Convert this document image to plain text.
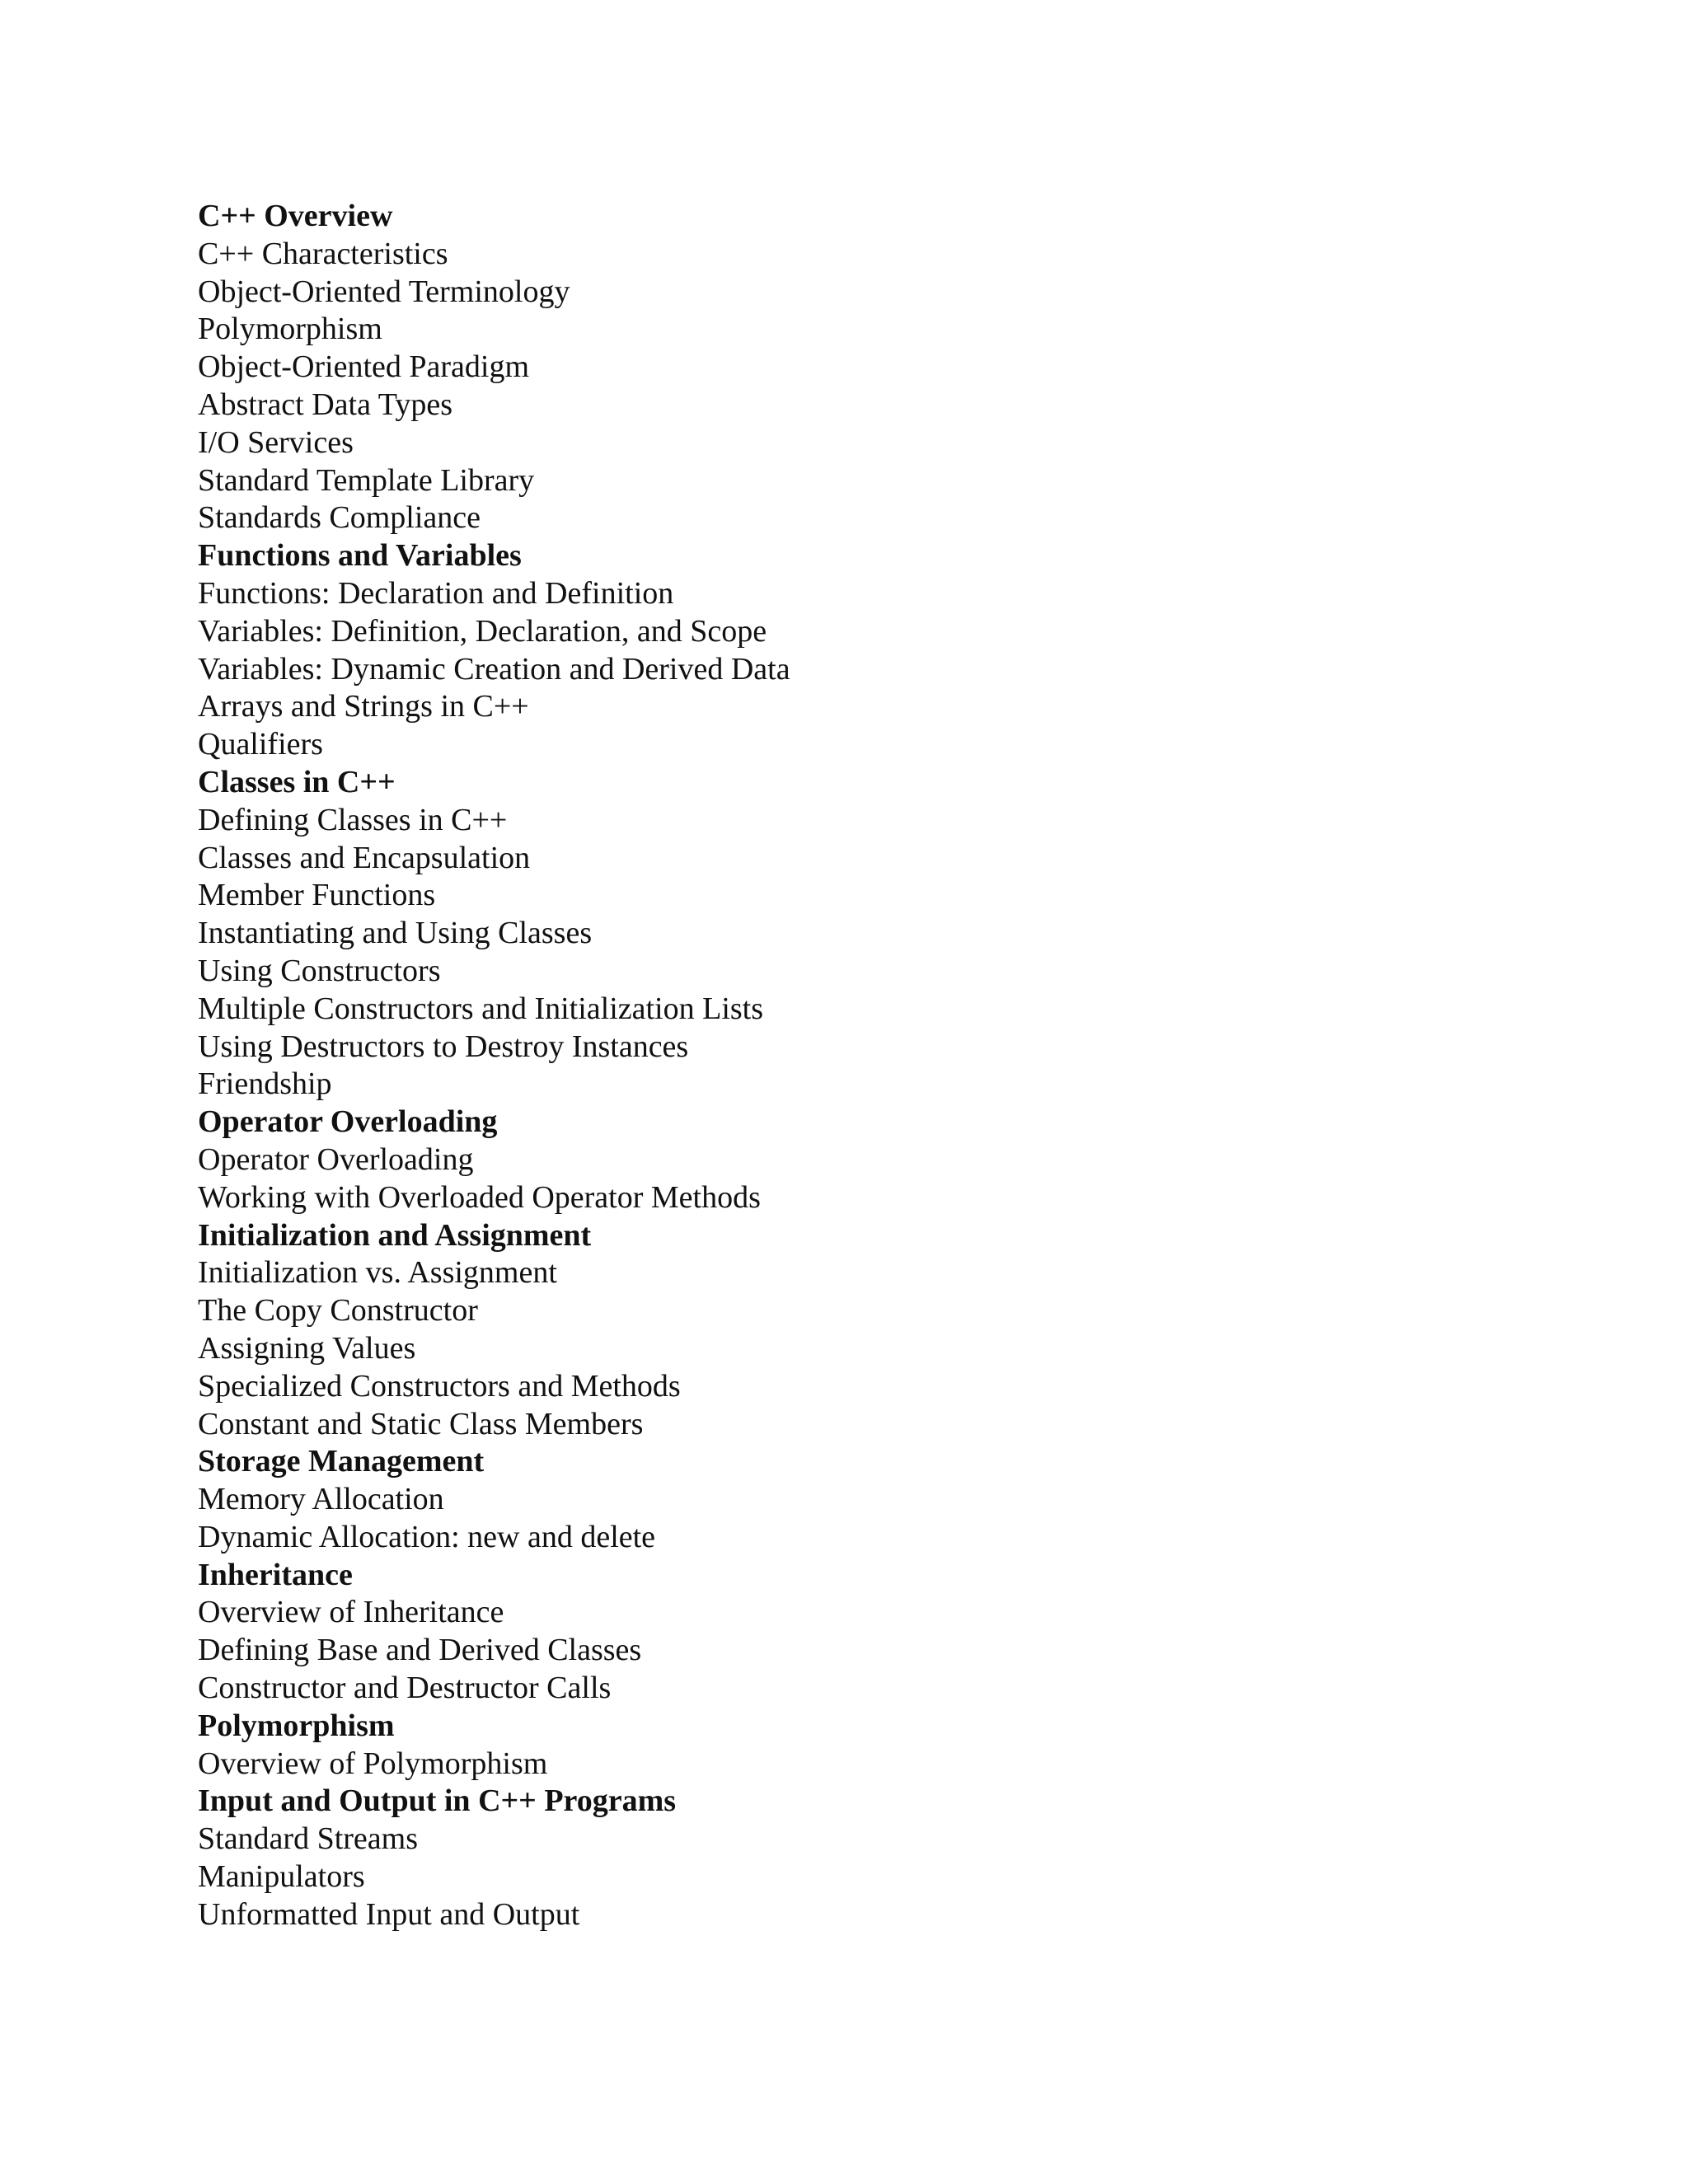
C++ Overview
C++ Characteristics
Object-Oriented Terminology
Polymorphism
Object-Oriented Paradigm
Abstract Data Types
I/O Services
Standard Template Library
Standards Compliance
Functions and Variables
Functions: Declaration and Definition
Variables: Definition, Declaration, and Scope
Variables: Dynamic Creation and Derived Data
Arrays and Strings in C++
Qualifiers
Classes in C++
Defining Classes in C++
Classes and Encapsulation
Member Functions
Instantiating and Using Classes
Using Constructors
Multiple Constructors and Initialization Lists
Using Destructors to Destroy Instances
Friendship
Operator Overloading
Operator Overloading
Working with Overloaded Operator Methods
Initialization and Assignment
Initialization vs. Assignment
The Copy Constructor
Assigning Values
Specialized Constructors and Methods
Constant and Static Class Members
Storage Management
Memory Allocation
Dynamic Allocation: new and delete
Inheritance
Overview of Inheritance
Defining Base and Derived Classes
Constructor and Destructor Calls
Polymorphism
Overview of Polymorphism
Input and Output in C++ Programs
Standard Streams
Manipulators
Unformatted Input and Output
